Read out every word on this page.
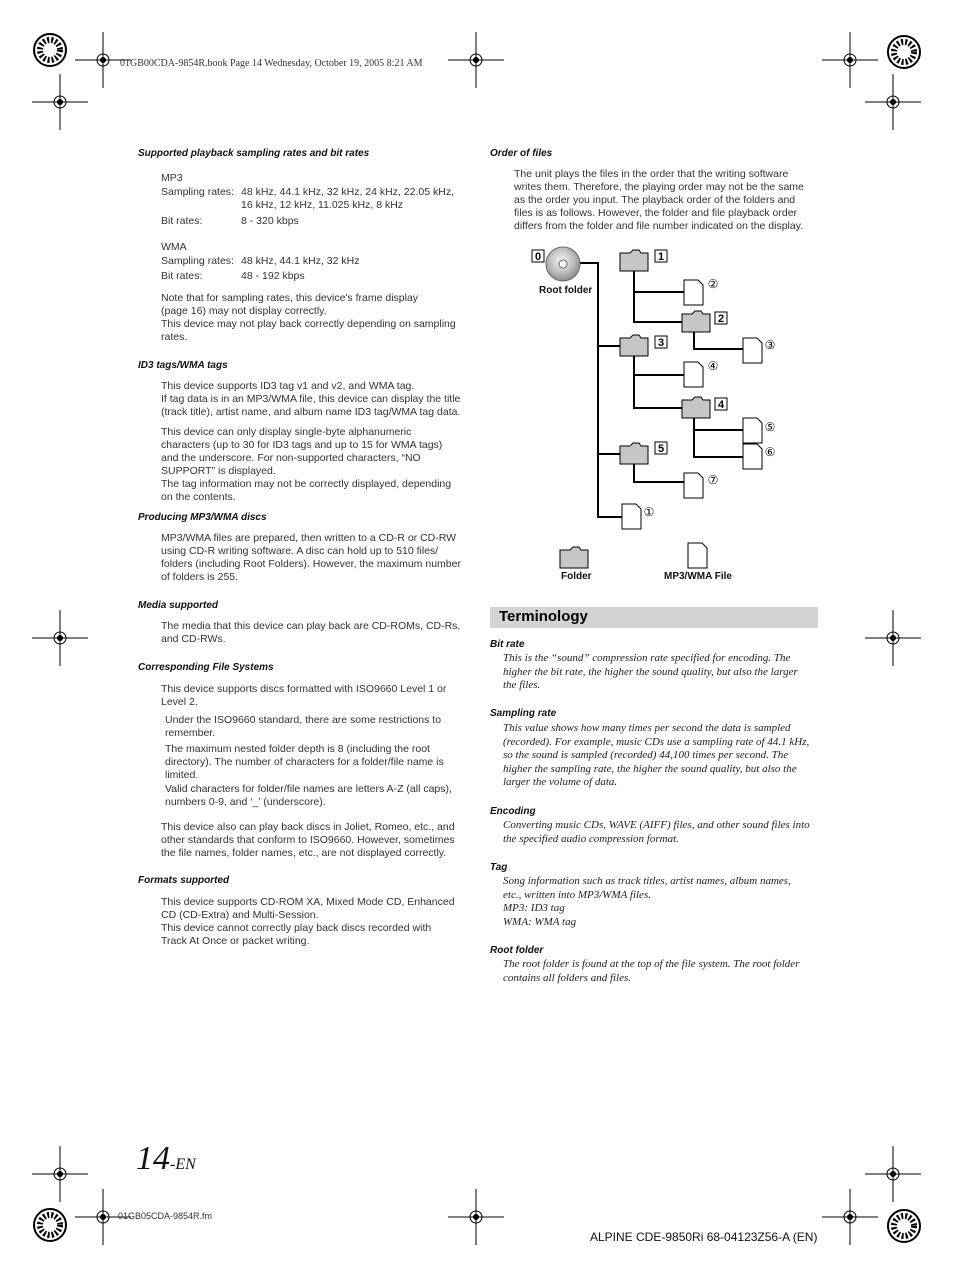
01GB00CDA-9854R.book Page 14 Wednesday, October 19, 2005 8:21 AM
Supported playback sampling rates and bit rates
MP3
Sampling rates: 48 kHz, 44.1 kHz, 32 kHz, 24 kHz, 22.05 kHz,
16 kHz, 12 kHz, 11.025 kHz, 8 kHz
Bit rates:	8 - 320 kbps
WMA
Sampling rates: 48 kHz, 44.1 kHz, 32 kHz
Bit rates:	48 - 192 kbps
Note that for sampling rates, this device's frame display
(page 16) may not display correctly.
This device may not play back correctly depending on sampling
rates.
ID3 tags/WMA tags
This device supports ID3 tag v1 and v2, and WMA tag.
If tag data is in an MP3/WMA file, this device can display the title
(track title), artist name, and album name ID3 tag/WMA tag data.
This device can only display single-byte alphanumeric
characters (up to 30 for ID3 tags and up to 15 for WMA tags)
and the underscore. For non-supported characters, “NO
SUPPORT” is displayed.
The tag information may not be correctly displayed, depending
on the contents.
Producing MP3/WMA discs
MP3/WMA files are prepared, then written to a CD-R or CD-RW
using CD-R writing software. A disc can hold up to 510 files/
folders (including Root Folders). However, the maximum number
of folders is 255.
Media supported
The media that this device can play back are CD-ROMs, CD-Rs,
and CD-RWs.
Corresponding File Systems
This device supports discs formatted with ISO9660 Level 1 or
Level 2.
Under the ISO9660 standard, there are some restrictions to
remember.
The maximum nested folder depth is 8 (including the root
directory). The number of characters for a folder/file name is
limited.
Valid characters for folder/file names are letters A-Z (all caps),
numbers 0-9, and ‘_’ (underscore).
This device also can play back discs in Joliet, Romeo, etc., and
other standards that conform to ISO9660. However, sometimes
the file names, folder names, etc., are not displayed correctly.
Formats supported
This device supports CD-ROM XA, Mixed Mode CD, Enhanced
CD (CD-Extra) and Multi-Session.
This device cannot correctly play back discs recorded with
Track At Once or packet writing.
Order of files
The unit plays the files in the order that the writing software
writes them. Therefore, the playing order may not be the same
as the order you input. The playback order of the folders and
files is as follows. However, the folder and file playback order
differs from the folder and file number indicated on the display.
0	1
2
3
4
5
①
②
③
④
⑤
⑥
⑦
Root folder
Folder	MP3/WMA File
Terminology
Bit rate
This is the “sound” compression rate specified for encoding. The
higher the bit rate, the higher the sound quality, but also the larger
the files.
Sampling rate
This value shows how many times per second the data is sampled
(recorded). For example, music CDs use a sampling rate of 44.1 kHz,
so the sound is sampled (recorded) 44,100 times per second. The
higher the sampling rate, the higher the sound quality, but also the
larger the volume of data.
Encoding
Converting music CDs, WAVE (AIFF) files, and other sound files into
the specified audio compression format.
Tag
Song information such as track titles, artist names, album names,
etc., written into MP3/WMA files.
MP3: ID3 tag
WMA: WMA tag
Root folder
The root folder is found at the top of the file system. The root folder
contains all folders and files.
14-EN
01GB05CDA-9854R.fm
ALPINE CDE-9850Ri 68-04123Z56-A (EN)
